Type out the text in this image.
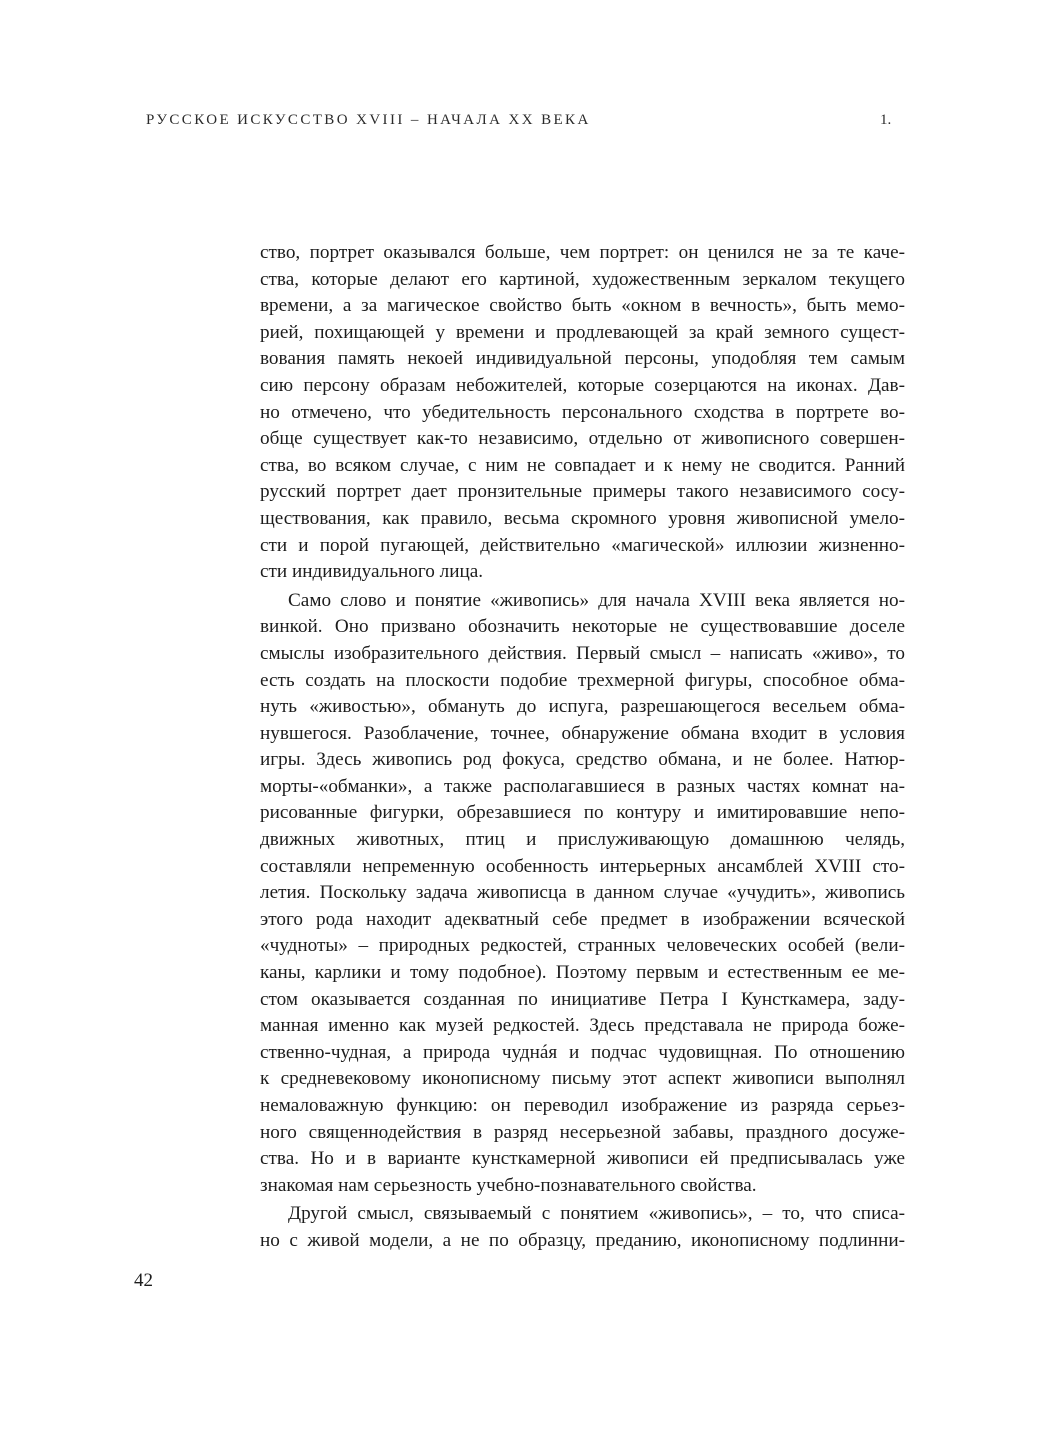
РУССКОЕ ИСКУССТВО XVIII – НАЧАЛА XX ВЕКА	1.
ство, портрет оказывался больше, чем портрет: он ценился не за те каче-
ства, которые делают его картиной, художественным зеркалом текущего
времени, а за магическое свойство быть «окном в вечность», быть мемо-
рией, похищающей у времени и продлевающей за край земного сущест-
вования память некоей индивидуальной персоны, уподобляя тем самым
сию персону образам небожителей, которые созерцаются на иконах. Дав-
но отмечено, что убедительность персонального сходства в портрете во-
обще существует как-то независимо, отдельно от живописного совершен-
ства, во всяком случае, с ним не совпадает и к нему не сводится. Ранний
русский портрет дает пронзительные примеры такого независимого сосу-
ществования, как правило, весьма скромного уровня живописной умело-
сти и порой пугающей, действительно «магической» иллюзии жизненно-
сти индивидуального лица.
Само слово и понятие «живопись» для начала XVIII века является но-
винкой. Оно призвано обозначить некоторые не существовавшие доселе
смыслы изобразительного действия. Первый смысл – написать «живо», то
есть создать на плоскости подобие трехмерной фигуры, способное обма-
нуть «живостью», обмануть до испуга, разрешающегося весельем обма-
нувшегося. Разоблачение, точнее, обнаружение обмана входит в условия
игры. Здесь живопись род фокуса, средство обмана, и не более. Натюр-
морты-«обманки», а также располагавшиеся в разных частях комнат на-
рисованные фигурки, обрезавшиеся по контуру и имитировавшие непо-
движных животных, птиц и прислуживающую домашнюю челядь,
составляли непременную особенность интерьерных ансамблей XVIII сто-
летия. Поскольку задача живописца в данном случае «учудить», живопись
этого рода находит адекватный себе предмет в изображении всяческой
«чудноты» – природных редкостей, странных человеческих особей (вели-
каны, карлики и тому подобное). Поэтому первым и естественным ее ме-
стом оказывается созданная по инициативе Петра I Кунсткамера, заду-
манная именно как музей редкостей. Здесь представала не природа боже-
ственно-чудная, а природа чуднáя и подчас чудовищная. По отношению
к средневековому иконописному письму этот аспект живописи выполнял
немаловажную функцию: он переводил изображение из разряда серьез-
ного священнодействия в разряд несерьезной забавы, праздного досуже-
ства. Но и в варианте кунсткамерной живописи ей предписывалась уже
знакомая нам серьезность учебно-познавательного свойства.
Другой смысл, связываемый с понятием «живопись», – то, что списа-
но с живой модели, а не по образцу, преданию, иконописному подлинни-
42
